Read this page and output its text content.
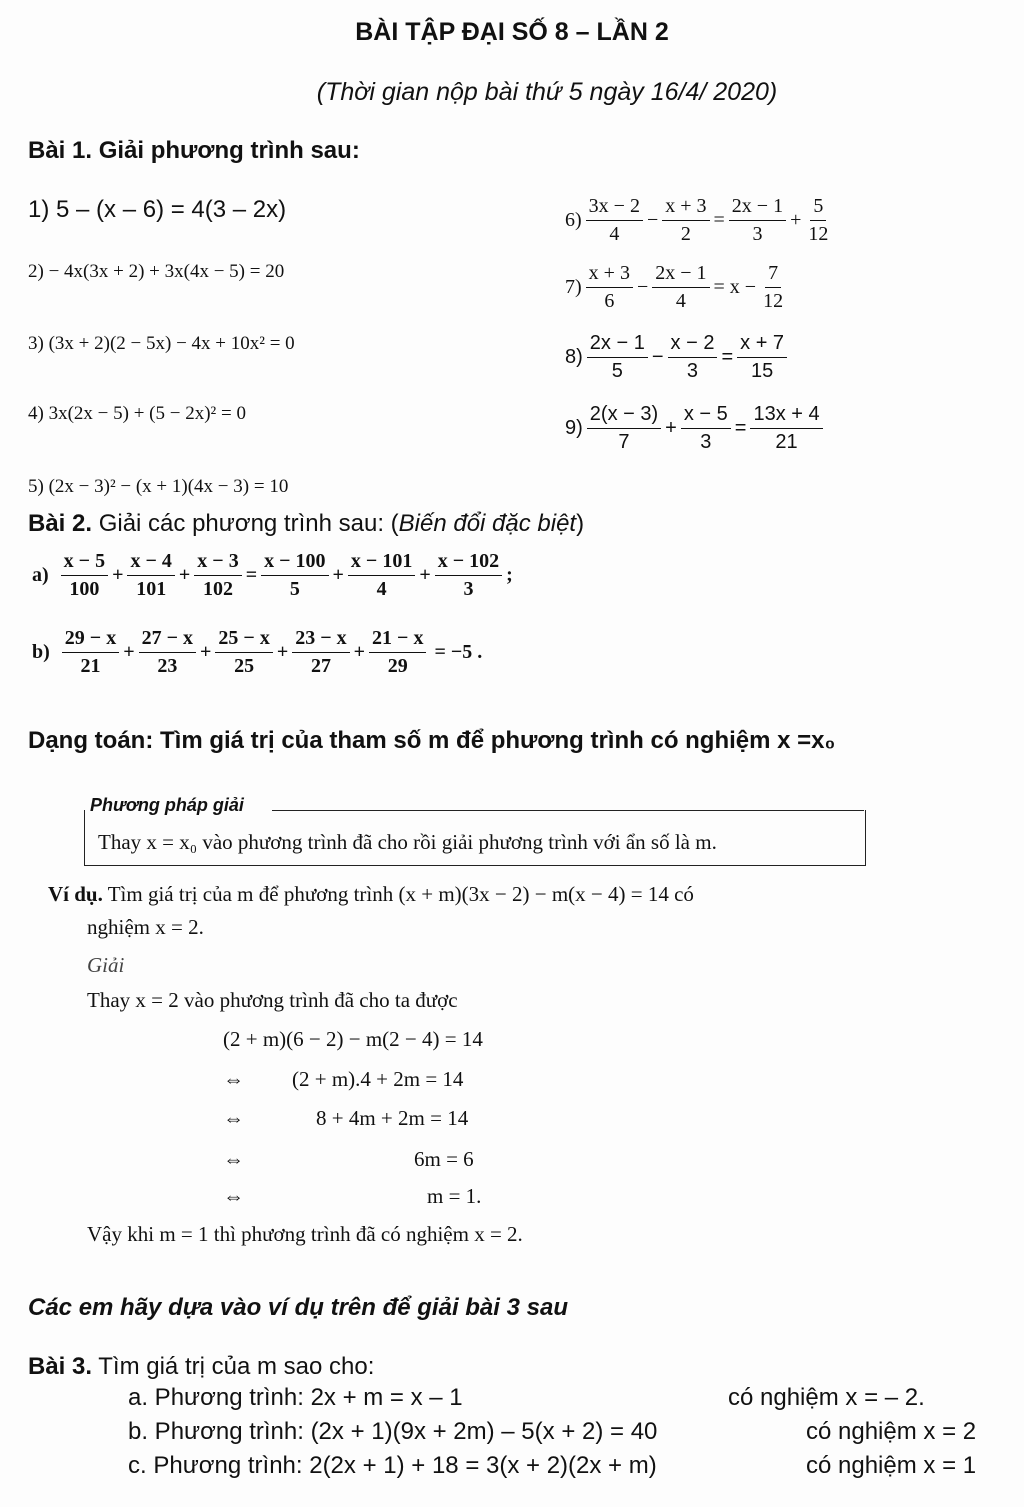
BÀI TẬP ĐẠI SỐ 8 – LẦN 2
(Thời gian nộp bài thứ 5 ngày 16/4/ 2020)
Bài 1. Giải phương trình sau:
1) 5 – (x – 6) = 4(3 – 2x)
2) − 4x(3x + 2) + 3x(4x − 5) = 20
3) (3x + 2)(2 − 5x) − 4x + 10x² = 0
4) 3x(2x − 5) + (5 − 2x)² = 0
5) (2x − 3)² − (x + 1)(4x − 3) = 10
$6) \frac{3x - 2}{4} - \frac{x + 3}{2} = \frac{2x - 1}{3} + \frac{5}{12}$
$7) \frac{x + 3}{6} - \frac{2x - 1}{4} = x - \frac{7}{12}$
$8) \frac{2x - 1}{5} - \frac{x - 2}{3} = \frac{x + 7}{15}$
$9) \frac{2(x - 3)}{7} + \frac{x - 5}{3} = \frac{13x + 4}{21}$
Bài 2. Giải các phương trình sau: (Biến đổi đặc biệt)
$a) \frac{x - 5}{100} + \frac{x - 4}{101} + \frac{x - 3}{102} = \frac{x - 100}{5} + \frac{x - 101}{4} + \frac{x - 102}{3}$ ;
$b) \frac{29 - x}{21} + \frac{27 - x}{23} + \frac{25 - x}{25} + \frac{23 - x}{27} + \frac{21 - x}{29} = -5$ .
Dạng toán: Tìm giá trị của tham số m để phương trình có nghiệm x =x₀
Phương pháp giải
Thay x = x₀ vào phương trình đã cho rồi giải phương trình với ẩn số là m.
Ví dụ. Tìm giá trị của m để phương trình (x + m)(3x − 2) − m(x − 4) = 14 có
nghiệm x = 2.
Giải
Thay x = 2 vào phương trình đã cho ta được
(2 + m)(6 − 2) − m(2 − 4) = 14
⇔ (2 + m).4 + 2m = 14
⇔	8 + 4m + 2m = 14
⇔	6m = 6
⇔	m = 1.
Vậy khi m = 1 thì phương trình đã có nghiệm x = 2.
Các em hãy dựa vào ví dụ trên để giải bài 3 sau
Bài 3. Tìm giá trị của m sao cho:
a. Phương trình: 2x + m = x – 1	có nghiệm x = – 2.
b. Phương trình: (2x + 1)(9x + 2m) – 5(x + 2) = 40	có nghiệm x = 2
c. Phương trình: 2(2x + 1) + 18 = 3(x + 2)(2x + m)	có nghiệm x = 1
